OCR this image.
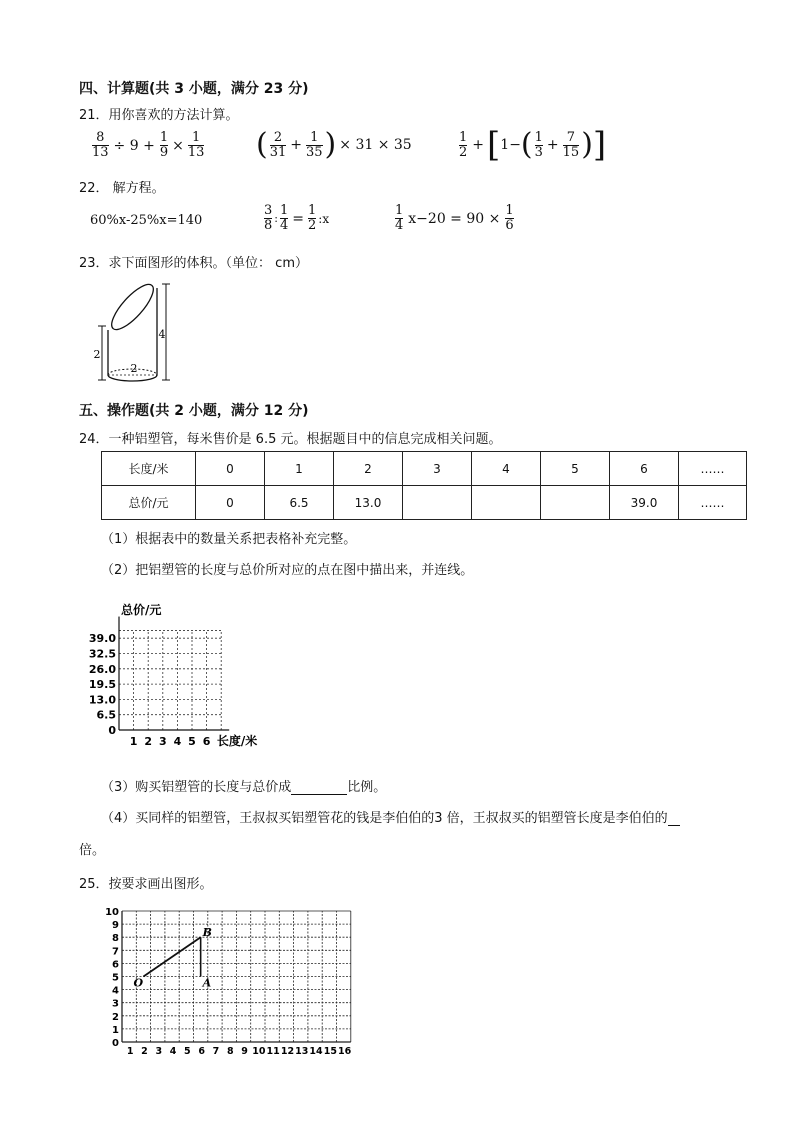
四、计算题(共 3 小题，满分 23 分)
21．用你喜欢的方法计算。
$\frac{8}{13} \div 9 + \frac{1}{9} \times \frac{1}{13}$ ( $\frac{2}{31} + \frac{1}{35}$ ) × 31 × 35	$\frac{1}{2}$ + [ 1− ( $\frac{1}{3} + \frac{7}{15}$ ) ]
22． 解方程。
60%x-25%x=140	$\frac{3}{8}$ : $\frac{1}{4} = \frac{1}{2}$ :x	$\frac{1}{4} x-20 = 90 \times \frac{1}{6}$
23．求下面图形的体积。（单位： cm）
2
4
2
五、操作题(共 2 小题，满分 12 分)
24．一种铝塑管，每米售价是 6.5 元。根据题目中的信息完成相关问题。
长度/米	0	1	2	3	4	5	6	……
总价/元	0	6.5	13.0				39.0	……
（1）根据表中的数量关系把表格补充完整。
（2）把铝塑管的长度与总价所对应的点在图中描出来，并连线。
0
6.5
13.0
19.5
26.0
32.5
39.0
1 2 3 4 5 6
总价/元
长度/米
（3）购买铝塑管的长度与总价成	比例。
（4）买同样的铝塑管，王叔叔买铝塑管花的钱是李伯伯的3 倍，王叔叔买的铝塑管长度是李伯伯的
倍。
25．按要求画出图形。
10
9
8
7
6
5
4
3
2
1
0
1 2 3 4 5 6 7 8 9 10 11 12 13 14 15 16
O	A
B
